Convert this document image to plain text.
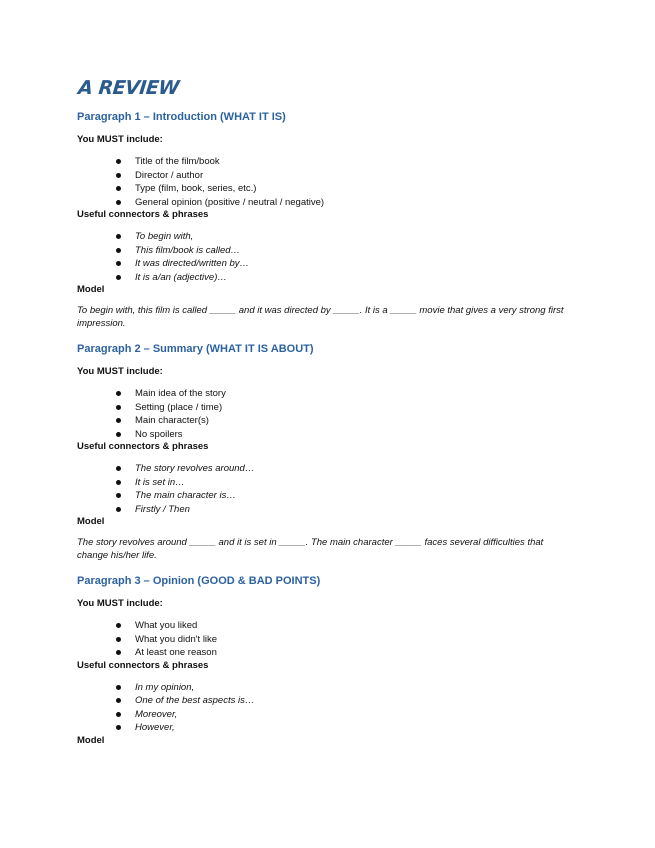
A REVIEW
Paragraph 1 – Introduction (WHAT IT IS)

You MUST include:

Title of the film/book
Director / author
Type (film, book, series, etc.)
General opinion (positive / neutral / negative)

Useful connectors & phrases

To begin with,
This film/book is called…
It was directed/written by…
It is a/an (adjective)…

Model

To begin with, this film is called _____ and it was directed by _____. It is a _____ movie that gives a very strong first impression.

Paragraph 2 – Summary (WHAT IT IS ABOUT)

You MUST include:

Main idea of the story
Setting (place / time)
Main character(s)
No spoilers

Useful connectors & phrases

The story revolves around…
It is set in…
The main character is…
Firstly / Then

Model

The story revolves around _____ and it is set in _____. The main character _____ faces several difficulties that change his/her life.

Paragraph 3 – Opinion (GOOD & BAD POINTS)

You MUST include:

What you liked
What you didn't like
At least one reason

Useful connectors & phrases

In my opinion,
One of the best aspects is…
Moreover,
However,

Model
